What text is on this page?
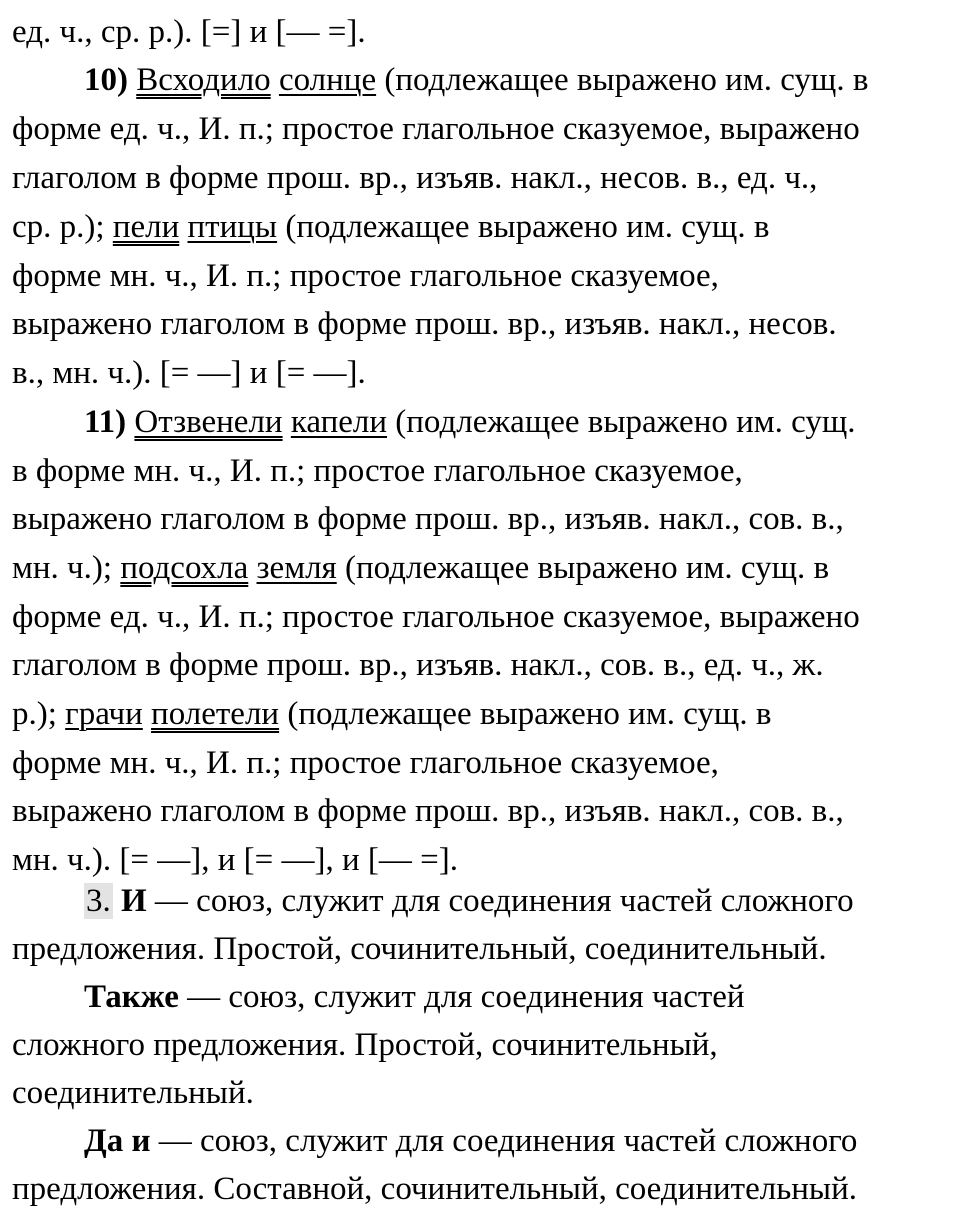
ед. ч., ср. р.). [=] и [— =].
10) Всходило солнце (подлежащее выражено им. сущ. в
форме ед. ч., И. п.; простое глагольное сказуемое, выражено
глаголом в форме прош. вр., изъяв. накл., несов. в., ед. ч.,
ср. р.); пели птицы (подлежащее выражено им. сущ. в
форме мн. ч., И. п.; простое глагольное сказуемое,
выражено глаголом в форме прош. вр., изъяв. накл., несов.
в., мн. ч.). [= —] и [= —].
11) Отзвенели капели (подлежащее выражено им. сущ.
в форме мн. ч., И. п.; простое глагольное сказуемое,
выражено глаголом в форме прош. вр., изъяв. накл., сов. в.,
мн. ч.); подсохла земля (подлежащее выражено им. сущ. в
форме ед. ч., И. п.; простое глагольное сказуемое, выражено
глаголом в форме прош. вр., изъяв. накл., сов. в., ед. ч., ж.
р.); грачи полетели (подлежащее выражено им. сущ. в
форме мн. ч., И. п.; простое глагольное сказуемое,
выражено глаголом в форме прош. вр., изъяв. накл., сов. в.,
мн. ч.). [= —], и [= —], и [— =].
3. И — союз, служит для соединения частей сложного
предложения. Простой, сочинительный, соединительный.
Также — союз, служит для соединения частей
сложного предложения. Простой, сочинительный,
соединительный.
Да и — союз, служит для соединения частей сложного
предложения. Составной, сочинительный, соединительный.
